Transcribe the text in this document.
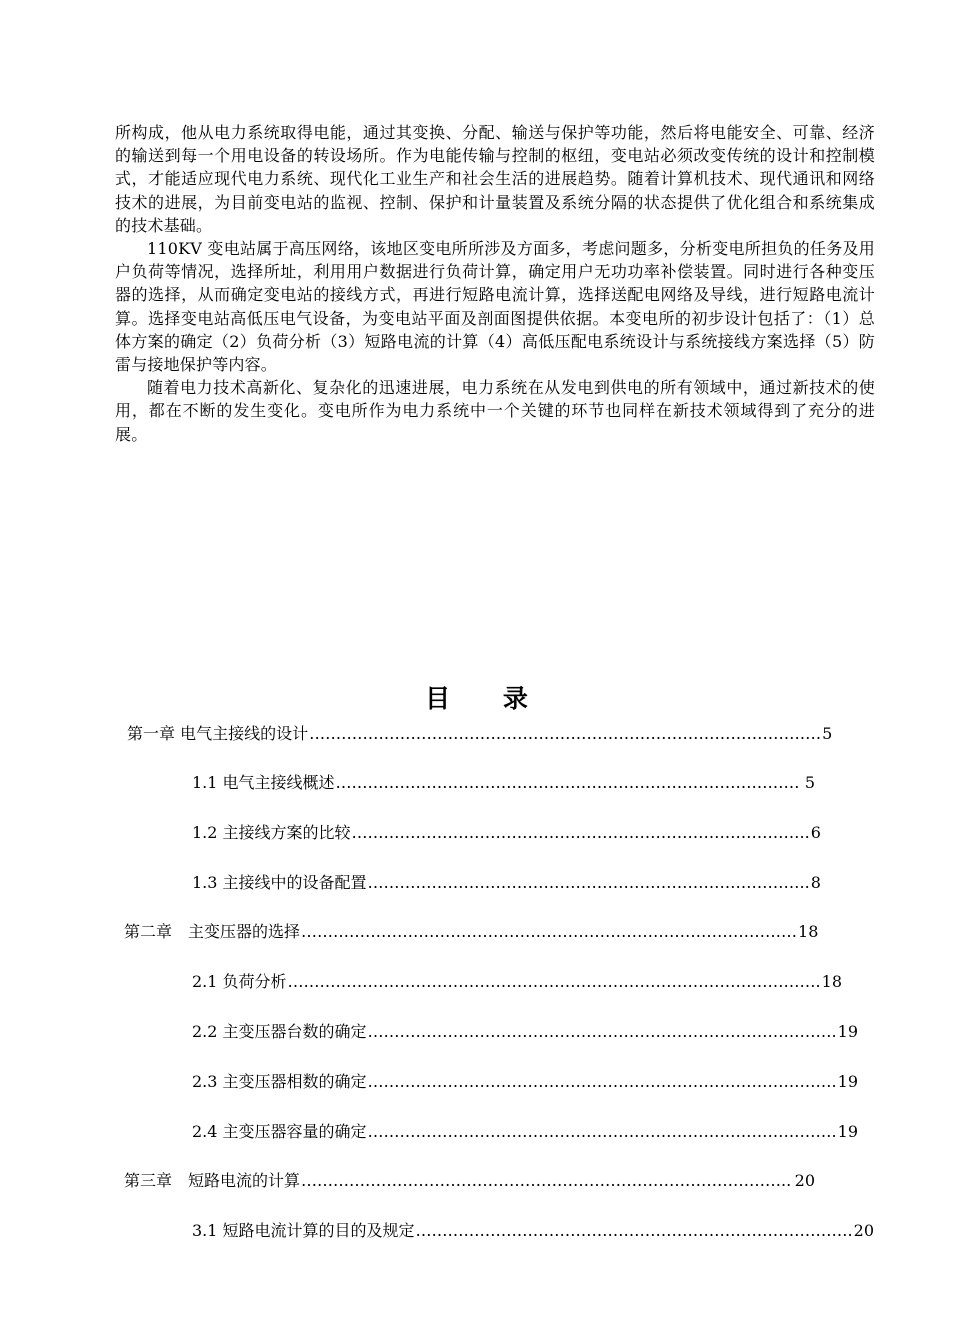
所构成，他从电力系统取得电能，通过其变换、分配、输送与保护等功能，然后将电能安全、可靠、经济的输送到每一个用电设备的转设场所。作为电能传输与控制的枢纽，变电站必须改变传统的设计和控制模式，才能适应现代电力系统、现代化工业生产和社会生活的进展趋势。随着计算机技术、现代通讯和网络技术的进展，为目前变电站的监视、控制、保护和计量装置及系统分隔的状态提供了优化组合和系统集成的技术基础。

110KV 变电站属于高压网络，该地区变电所所涉及方面多，考虑问题多，分析变电所担负的任务及用户负荷等情况，选择所址，利用用户数据进行负荷计算，确定用户无功功率补偿装置。同时进行各种变压器的选择，从而确定变电站的接线方式，再进行短路电流计算，选择送配电网络及导线，进行短路电流计算。选择变电站高低压电气设备，为变电站平面及剖面图提供依据。本变电所的初步设计包括了：（1）总体方案的确定（2）负荷分析（3）短路电流的计算（4）高低压配电系统设计与系统接线方案选择（5）防雷与接地保护等内容。

随着电力技术高新化、复杂化的迅速进展，电力系统在从发电到供电的所有领域中，通过新技术的使用，都在不断的发生变化。变电所作为电力系统中一个关键的环节也同样在新技术领域得到了充分的进展。

目 录
第一章 电气主接线的设计 …………………………………………………………………………………… 5
1.1 电气主接线概述 …………………………………………………………………………… 5
1.2 主接线方案的比较 ………………………………………………………………………….. 6
1.3 主接线中的设备配置 ……………………………………………………………………….. 8
第二章　主变压器的选择 ………………………………………………………………………………… 18
2.1 负荷分析 ………………………………………………………………………………………. 18
2.2 主变压器台数的确定 ……………………………………………………………………………. 19
2.3 主变压器相数的确定 ……………………………………………………………………………. 19
2.4 主变压器容量的确定 ……………………………………………………………………………. 19
第三章　短路电流的计算 ……………………………………………………………………………….. 20
3.1 短路电流计算的目的及规定 ………………………………………………………………………. 20
